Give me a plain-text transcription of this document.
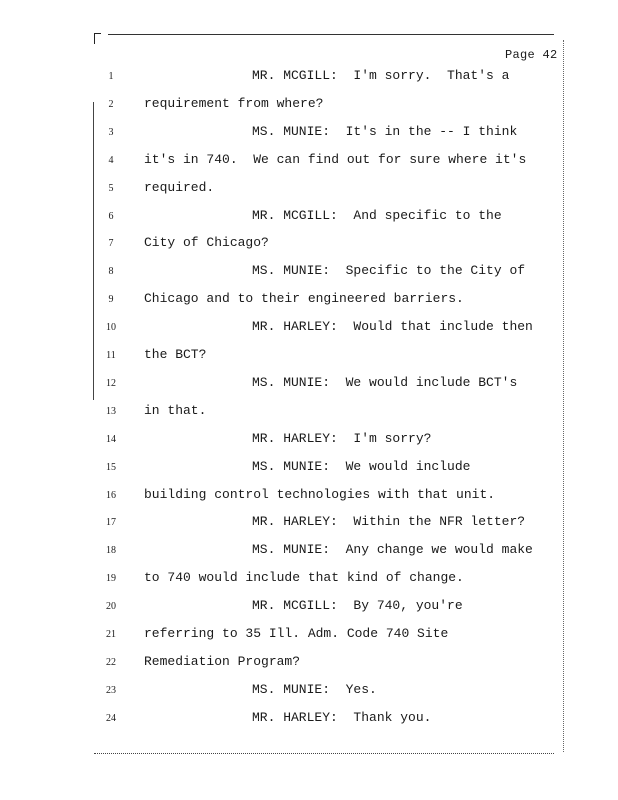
Page 42
1	MR. MCGILL:  I'm sorry.  That's a
2	requirement from where?
3	MS. MUNIE:  It's in the -- I think
4	it's in 740.  We can find out for sure where it's
5	required.
6	MR. MCGILL:  And specific to the
7	City of Chicago?
8	MS. MUNIE:  Specific to the City of
9	Chicago and to their engineered barriers.
10	MR. HARLEY:  Would that include then
11	the BCT?
12	MS. MUNIE:  We would include BCT's
13	in that.
14	MR. HARLEY:  I'm sorry?
15	MS. MUNIE:  We would include
16	building control technologies with that unit.
17	MR. HARLEY:  Within the NFR letter?
18	MS. MUNIE:  Any change we would make
19	to 740 would include that kind of change.
20	MR. MCGILL:  By 740, you're
21	referring to 35 Ill. Adm. Code 740 Site
22	Remediation Program?
23	MS. MUNIE:  Yes.
24	MR. HARLEY:  Thank you.
